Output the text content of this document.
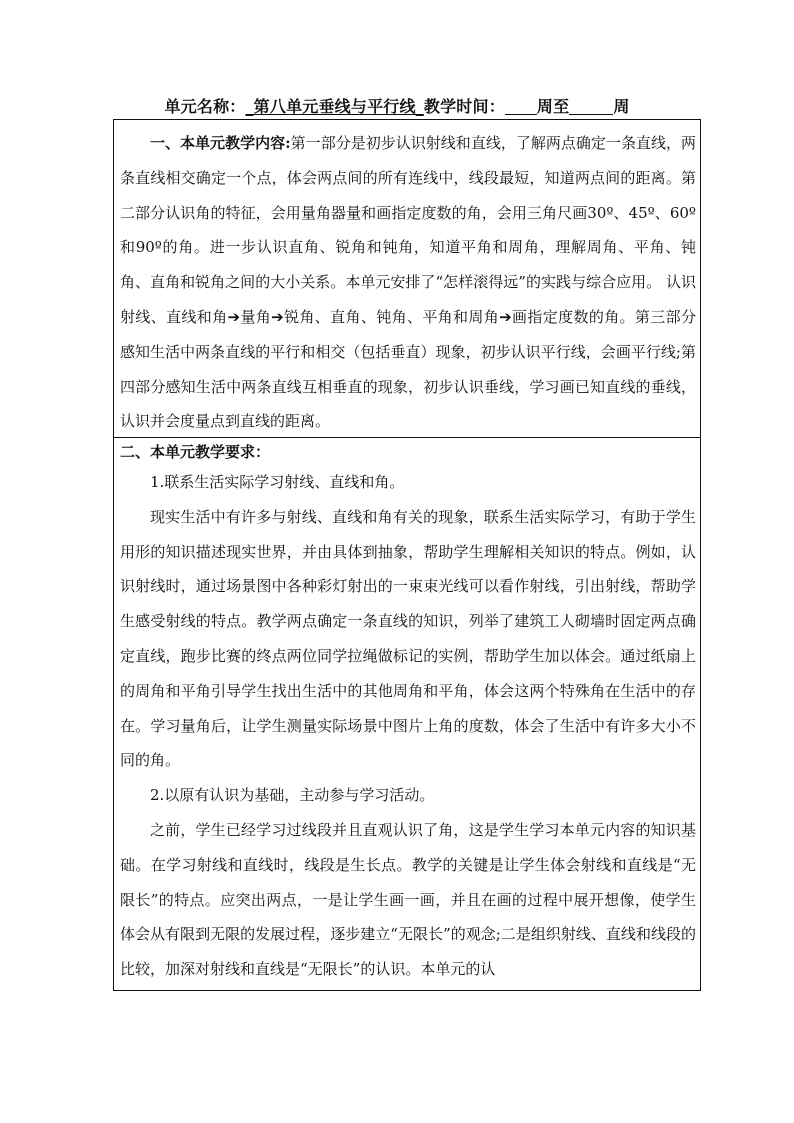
单元名称：_第八单元垂线与平行线_教学时间： 周至	周

一、本单元教学内容:第一部分是初步认识射线和直线，了解两点确定一条直线，两条直线相交确定一个点，体会两点间的所有连线中，线段最短，知道两点间的距离。第二部分认识角的特征，会用量角器量和画指定度数的角，会用三角尺画30º、45º、60º和90º的角。进一步认识直角、锐角和钝角，知道平角和周角，理解周角、平角、钝角、直角和锐角之间的大小关系。本单元安排了“怎样滚得远”的实践与综合应用。 认识射线、直线和角➔量角➔锐角、直角、钝角、平角和周角➔画指定度数的角。第三部分感知生活中两条直线的平行和相交（包括垂直）现象，初步认识平行线，会画平行线;第四部分感知生活中两条直线互相垂直的现象，初步认识垂线，学习画已知直线的垂线，认识并会度量点到直线的距离。

二、本单元教学要求：

1.联系生活实际学习射线、直线和角。

现实生活中有许多与射线、直线和角有关的现象，联系生活实际学习，有助于学生用形的知识描述现实世界，并由具体到抽象，帮助学生理解相关知识的特点。例如，认识射线时，通过场景图中各种彩灯射出的一束束光线可以看作射线，引出射线，帮助学生感受射线的特点。教学两点确定一条直线的知识，列举了建筑工人砌墙时固定两点确定直线，跑步比赛的终点两位同学拉绳做标记的实例，帮助学生加以体会。通过纸扇上的周角和平角引导学生找出生活中的其他周角和平角，体会这两个特殊角在生活中的存在。学习量角后，让学生测量实际场景中图片上角的度数，体会了生活中有许多大小不同的角。

2.以原有认识为基础，主动参与学习活动。

之前，学生已经学习过线段并且直观认识了角，这是学生学习本单元内容的知识基础。在学习射线和直线时，线段是生长点。教学的关键是让学生体会射线和直线是“无限长”的特点。应突出两点，一是让学生画一画，并且在画的过程中展开想像，使学生体会从有限到无限的发展过程，逐步建立“无限长”的观念;二是组织射线、直线和线段的比较，加深对射线和直线是“无限长”的认识。本单元的认
